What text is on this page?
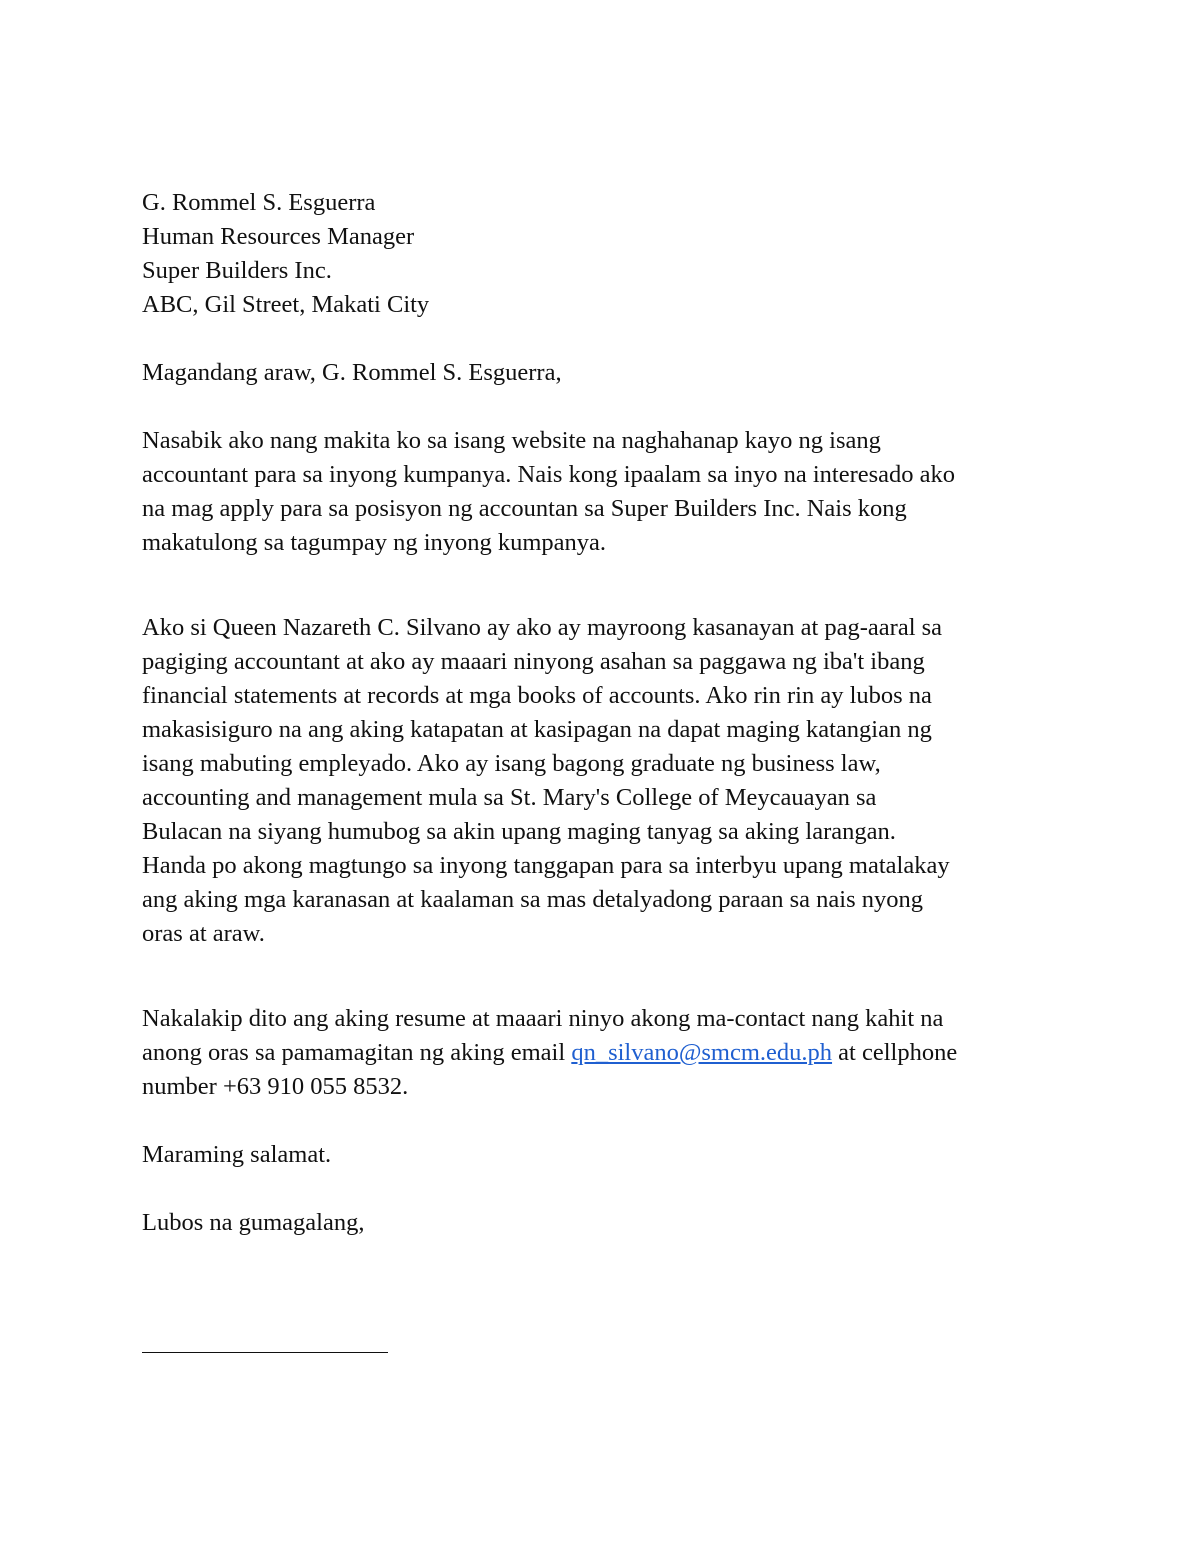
G. Rommel S. Esguerra
Human Resources Manager
Super Builders Inc.
ABC, Gil Street, Makati City
Magandang araw, G. Rommel S. Esguerra,
Nasabik ako nang makita ko sa isang website na naghahanap kayo ng isang
accountant para sa inyong kumpanya. Nais kong ipaalam sa inyo na interesado ako
na mag apply para sa posisyon ng accountan sa Super Builders Inc. Nais kong
makatulong sa tagumpay ng inyong kumpanya.
Ako si Queen Nazareth C. Silvano ay ako ay mayroong kasanayan at pag-aaral sa
pagiging accountant at ako ay maaari ninyong asahan sa paggawa ng iba't ibang
financial statements at records at mga books of accounts. Ako rin rin ay lubos na
makasisiguro na ang aking katapatan at kasipagan na dapat maging katangian ng
isang mabuting empleyado. Ako ay isang bagong graduate ng business law,
accounting and management mula sa St. Mary's College of Meycauayan sa
Bulacan na siyang humubog sa akin upang maging tanyag sa aking larangan.
Handa po akong magtungo sa inyong tanggapan para sa interbyu upang matalakay
ang aking mga karanasan at kaalaman sa mas detalyadong paraan sa nais nyong
oras at araw.
Nakalakip dito ang aking resume at maaari ninyo akong ma-contact nang kahit na
anong oras sa pamamagitan ng aking email qn_silvano@smcm.edu.ph at cellphone
number +63 910 055 8532.
Maraming salamat.
Lubos na gumagalang,
